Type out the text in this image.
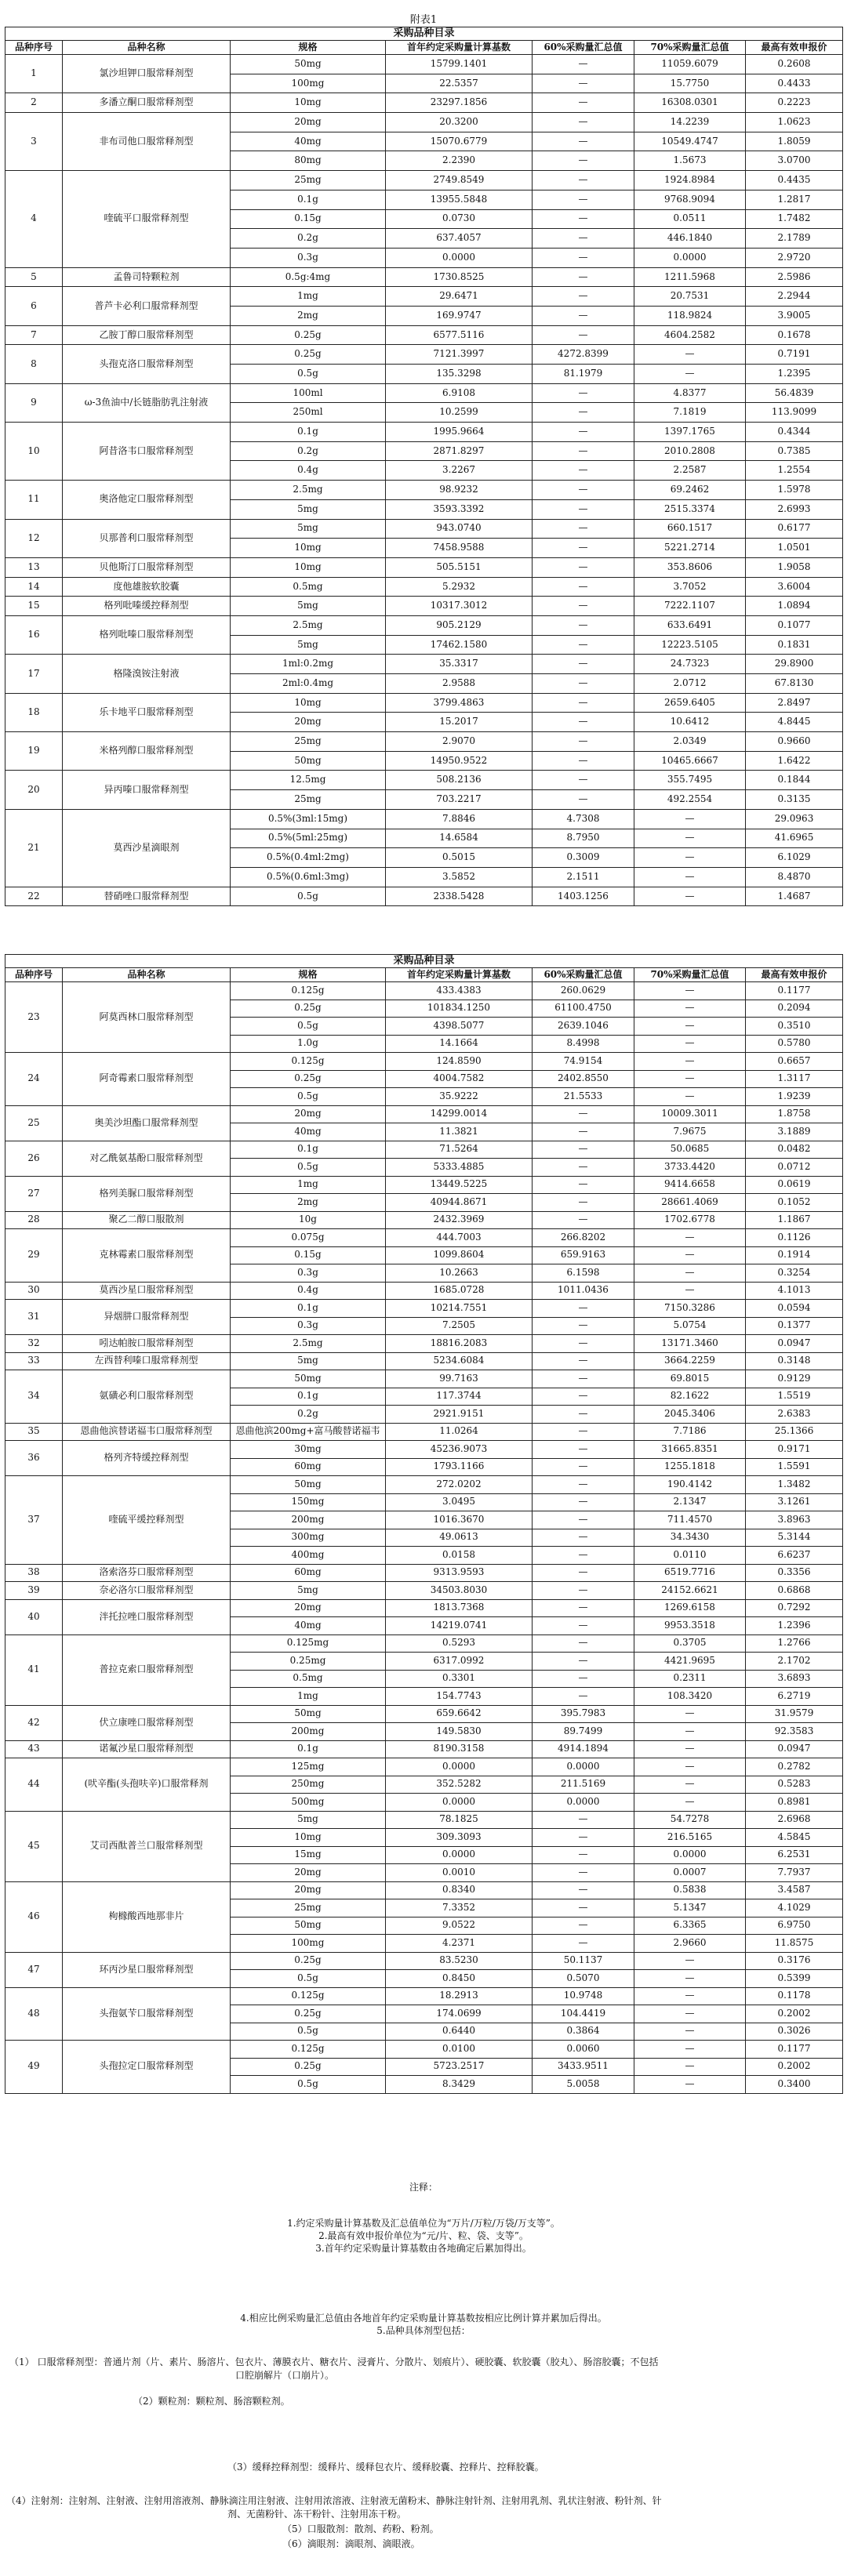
附表1
采购品种目录						
品种序号	品种名称	规格	首年约定采购量计算基数	60%采购量汇总值	70%采购量汇总值	最高有效申报价
1	氯沙坦钾口服常释剂型	50mg	15799.1401	—	11059.6079	0.2608
		100mg	22.5357	—	15.7750	0.4433
2	多潘立酮口服常释剂型	10mg	23297.1856	—	16308.0301	0.2223
3	非布司他口服常释剂型	20mg	20.3200	—	14.2239	1.0623
		40mg	15070.6779	—	10549.4747	1.8059
		80mg	2.2390	—	1.5673	3.0700
4	喹硫平口服常释剂型	25mg	2749.8549	—	1924.8984	0.4435
		0.1g	13955.5848	—	9768.9094	1.2817
		0.15g	0.0730	—	0.0511	1.7482
		0.2g	637.4057	—	446.1840	2.1789
		0.3g	0.0000	—	0.0000	2.9720
5	孟鲁司特颗粒剂	0.5g:4mg	1730.8525	—	1211.5968	2.5986
6	普芦卡必利口服常释剂型	1mg	29.6471	—	20.7531	2.2944
		2mg	169.9747	—	118.9824	3.9005
7	乙胺丁醇口服常释剂型	0.25g	6577.5116	—	4604.2582	0.1678
8	头孢克洛口服常释剂型	0.25g	7121.3997	4272.8399	—	0.7191
		0.5g	135.3298	81.1979	—	1.2395
9	ω-3鱼油中/长链脂肪乳注射液	100ml	6.9108	—	4.8377	56.4839
		250ml	10.2599	—	7.1819	113.9099
10	阿昔洛韦口服常释剂型	0.1g	1995.9664	—	1397.1765	0.4344
		0.2g	2871.8297	—	2010.2808	0.7385
		0.4g	3.2267	—	2.2587	1.2554
11	奥洛他定口服常释剂型	2.5mg	98.9232	—	69.2462	1.5978
		5mg	3593.3392	—	2515.3374	2.6993
12	贝那普利口服常释剂型	5mg	943.0740	—	660.1517	0.6177
		10mg	7458.9588	—	5221.2714	1.0501
13	贝他斯汀口服常释剂型	10mg	505.5151	—	353.8606	1.9058
14	度他雄胺软胶囊	0.5mg	5.2932	—	3.7052	3.6004
15	格列吡嗪缓控释剂型	5mg	10317.3012	—	7222.1107	1.0894
16	格列吡嗪口服常释剂型	2.5mg	905.2129	—	633.6491	0.1077
		5mg	17462.1580	—	12223.5105	0.1831
17	格隆溴铵注射液	1ml:0.2mg	35.3317	—	24.7323	29.8900
		2ml:0.4mg	2.9588	—	2.0712	67.8130
18	乐卡地平口服常释剂型	10mg	3799.4863	—	2659.6405	2.8497
		20mg	15.2017	—	10.6412	4.8445
19	米格列醇口服常释剂型	25mg	2.9070	—	2.0349	0.9660
		50mg	14950.9522	—	10465.6667	1.6422
20	异丙嗪口服常释剂型	12.5mg	508.2136	—	355.7495	0.1844
		25mg	703.2217	—	492.2554	0.3135
21	莫西沙星滴眼剂	0.5%(3ml:15mg)	7.8846	4.7308	—	29.0963
		0.5%(5ml:25mg)	14.6584	8.7950	—	41.6965
		0.5%(0.4ml:2mg)	0.5015	0.3009	—	6.1029
		0.5%(0.6ml:3mg)	3.5852	2.1511	—	8.4870
22	替硝唑口服常释剂型	0.5g	2338.5428	1403.1256	—	1.4687
采购品种目录						
品种序号	品种名称	规格	首年约定采购量计算基数	60%采购量汇总值	70%采购量汇总值	最高有效申报价
23	阿莫西林口服常释剂型	0.125g	433.4383	260.0629	—	0.1177
		0.25g	101834.1250	61100.4750	—	0.2094
		0.5g	4398.5077	2639.1046	—	0.3510
		1.0g	14.1664	8.4998	—	0.5780
24	阿奇霉素口服常释剂型	0.125g	124.8590	74.9154	—	0.6657
		0.25g	4004.7582	2402.8550	—	1.3117
		0.5g	35.9222	21.5533	—	1.9239
25	奥美沙坦酯口服常释剂型	20mg	14299.0014	—	10009.3011	1.8758
		40mg	11.3821	—	7.9675	3.1889
26	对乙酰氨基酚口服常释剂型	0.1g	71.5264	—	50.0685	0.0482
		0.5g	5333.4885	—	3733.4420	0.0712
27	格列美脲口服常释剂型	1mg	13449.5225	—	9414.6658	0.0619
		2mg	40944.8671	—	28661.4069	0.1052
28	聚乙二醇口服散剂	10g	2432.3969	—	1702.6778	1.1867
29	克林霉素口服常释剂型	0.075g	444.7003	266.8202	—	0.1126
		0.15g	1099.8604	659.9163	—	0.1914
		0.3g	10.2663	6.1598	—	0.3254
30	莫西沙星口服常释剂型	0.4g	1685.0728	1011.0436	—	4.1013
31	异烟肼口服常释剂型	0.1g	10214.7551	—	7150.3286	0.0594
		0.3g	7.2505	—	5.0754	0.1377
32	吲达帕胺口服常释剂型	2.5mg	18816.2083	—	13171.3460	0.0947
33	左西替利嗪口服常释剂型	5mg	5234.6084	—	3664.2259	0.3148
34	氨磺必利口服常释剂型	50mg	99.7163	—	69.8015	0.9129
		0.1g	117.3744	—	82.1622	1.5519
		0.2g	2921.9151	—	2045.3406	2.6383
35	恩曲他滨替诺福韦口服常释剂型	恩曲他滨200mg+富马酸替诺福韦	11.0264	—	7.7186	25.1366
36	格列齐特缓控释剂型	30mg	45236.9073	—	31665.8351	0.9171
		60mg	1793.1166	—	1255.1818	1.5591
37	喹硫平缓控释剂型	50mg	272.0202	—	190.4142	1.3482
		150mg	3.0495	—	2.1347	3.1261
		200mg	1016.3670	—	711.4570	3.8963
		300mg	49.0613	—	34.3430	5.3144
		400mg	0.0158	—	0.0110	6.6237
38	洛索洛芬口服常释剂型	60mg	9313.9593	—	6519.7716	0.3356
39	奈必洛尔口服常释剂型	5mg	34503.8030	—	24152.6621	0.6868
40	泮托拉唑口服常释剂型	20mg	1813.7368	—	1269.6158	0.7292
		40mg	14219.0741	—	9953.3518	1.2396
41	普拉克索口服常释剂型	0.125mg	0.5293	—	0.3705	1.2766
		0.25mg	6317.0992	—	4421.9695	2.1702
		0.5mg	0.3301	—	0.2311	3.6893
		1mg	154.7743	—	108.3420	6.2719
42	伏立康唑口服常释剂型	50mg	659.6642	395.7983	—	31.9579
		200mg	149.5830	89.7499	—	92.3583
43	诺氟沙星口服常释剂型	0.1g	8190.3158	4914.1894	—	0.0947
44	(吠辛酯(头孢呋辛)口服常释剂	125mg	0.0000	0.0000	—	0.2782
		250mg	352.5282	211.5169	—	0.5283
		500mg	0.0000	0.0000	—	0.8981
45	艾司西酞普兰口服常释剂型	5mg	78.1825	—	54.7278	2.6968
		10mg	309.3093	—	216.5165	4.5845
		15mg	0.0000	—	0.0000	6.2531
		20mg	0.0010	—	0.0007	7.7937
46	枸橼酸西地那非片	20mg	0.8340	—	0.5838	3.4587
		25mg	7.3352	—	5.1347	4.1029
		50mg	9.0522	—	6.3365	6.9750
		100mg	4.2371	—	2.9660	11.8575
47	环丙沙星口服常释剂型	0.25g	83.5230	50.1137	—	0.3176
		0.5g	0.8450	0.5070	—	0.5399
48	头孢氨苄口服常释剂型	0.125g	18.2913	10.9748	—	0.1178
		0.25g	174.0699	104.4419	—	0.2002
		0.5g	0.6440	0.3864	—	0.3026
49	头孢拉定口服常释剂型	0.125g	0.0100	0.0060	—	0.1177
		0.25g	5723.2517	3433.9511	—	0.2002
		0.5g	8.3429	5.0058	—	0.3400
注释：
1.约定采购量计算基数及汇总值单位为“万片/万粒/万袋/万支等”。
2.最高有效申报价单位为“元/片、粒、袋、支等”。
3.首年约定采购量计算基数由各地确定后累加得出。
4.相应比例采购量汇总值由各地首年约定采购量计算基数按相应比例计算并累加后得出。
5.品种具体剂型包括：
（1） 口服常释剂型：普通片剂（片、素片、肠溶片、包衣片、薄膜衣片、糖衣片、浸膏片、分散片、划痕片）、硬胶囊、软胶囊（胶丸）、肠溶胶囊；不包括
口腔崩解片（口崩片）。
（2）颗粒剂：颗粒剂、肠溶颗粒剂。
（3）缓释控释剂型：缓释片、缓释包衣片、缓释胶囊、控释片、控释胶囊。
（4）注射剂：注射剂、注射液、注射用溶液剂、静脉滴注用注射液、注射用浓溶液、注射液无菌粉末、静脉注射针剂、注射用乳剂、乳状注射液、粉针剂、针
剂、无菌粉针、冻干粉针、注射用冻干粉。
（5）口服散剂：散剂、药粉、粉剂。
（6）滴眼剂：滴眼剂、滴眼液。
